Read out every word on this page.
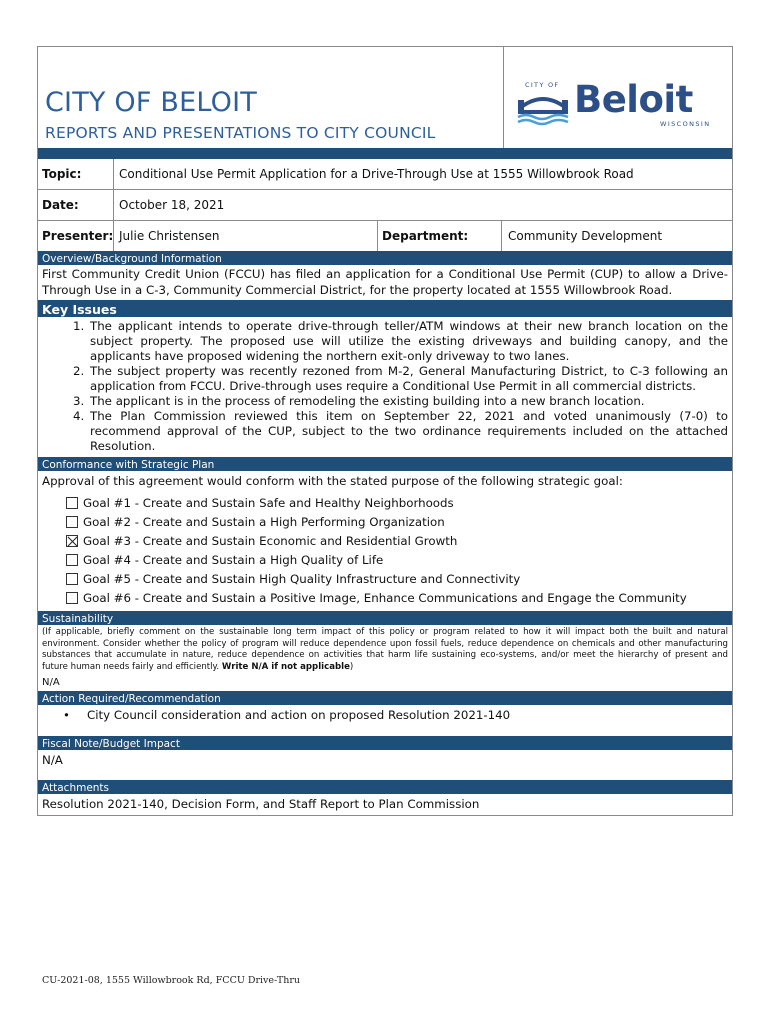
CITY OF BELOIT
REPORTS AND PRESENTATIONS TO CITY COUNCIL
CITY OF Beloit
WISCONSIN
Topic:	Conditional Use Permit Application for a Drive-Through Use at 1555 Willowbrook Road
Date:	October 18, 2021
Presenter: Julie Christensen	Department:	Community Development
Overview/Background Information
First Community Credit Union (FCCU) has filed an application for a Conditional Use Permit (CUP) to allow a Drive-Through Use in a C-3, Community Commercial District, for the property located at 1555 Willowbrook Road.
Key Issues
1. The applicant intends to operate drive-through teller/ATM windows at their new branch location on the subject property. The proposed use will utilize the existing driveways and building canopy, and the applicants have proposed widening the northern exit-only driveway to two lanes.
2. The subject property was recently rezoned from M-2, General Manufacturing District, to C-3 following an application from FCCU. Drive-through uses require a Conditional Use Permit in all commercial districts.
3. The applicant is in the process of remodeling the existing building into a new branch location.
4. The Plan Commission reviewed this item on September 22, 2021 and voted unanimously (7-0) to recommend approval of the CUP, subject to the two ordinance requirements included on the attached Resolution.
Conformance with Strategic Plan
Approval of this agreement would conform with the stated purpose of the following strategic goal:
Goal #1 - Create and Sustain Safe and Healthy Neighborhoods
Goal #2 - Create and Sustain a High Performing Organization
Goal #3 - Create and Sustain Economic and Residential Growth
Goal #4 - Create and Sustain a High Quality of Life
Goal #5 - Create and Sustain High Quality Infrastructure and Connectivity
Goal #6 - Create and Sustain a Positive Image, Enhance Communications and Engage the Community
Sustainability
(If applicable, briefly comment on the sustainable long term impact of this policy or program related to how it will impact both the built and natural environment. Consider whether the policy of program will reduce dependence upon fossil fuels, reduce dependence on chemicals and other manufacturing substances that accumulate in nature, reduce dependence on activities that harm life sustaining eco-systems, and/or meet the hierarchy of present and future human needs fairly and efficiently. Write N/A if not applicable)
N/A
Action Required/Recommendation
•	City Council consideration and action on proposed Resolution 2021-140
Fiscal Note/Budget Impact
N/A
Attachments
Resolution 2021-140, Decision Form, and Staff Report to Plan Commission
CU-2021-08, 1555 Willowbrook Rd, FCCU Drive-Thru
